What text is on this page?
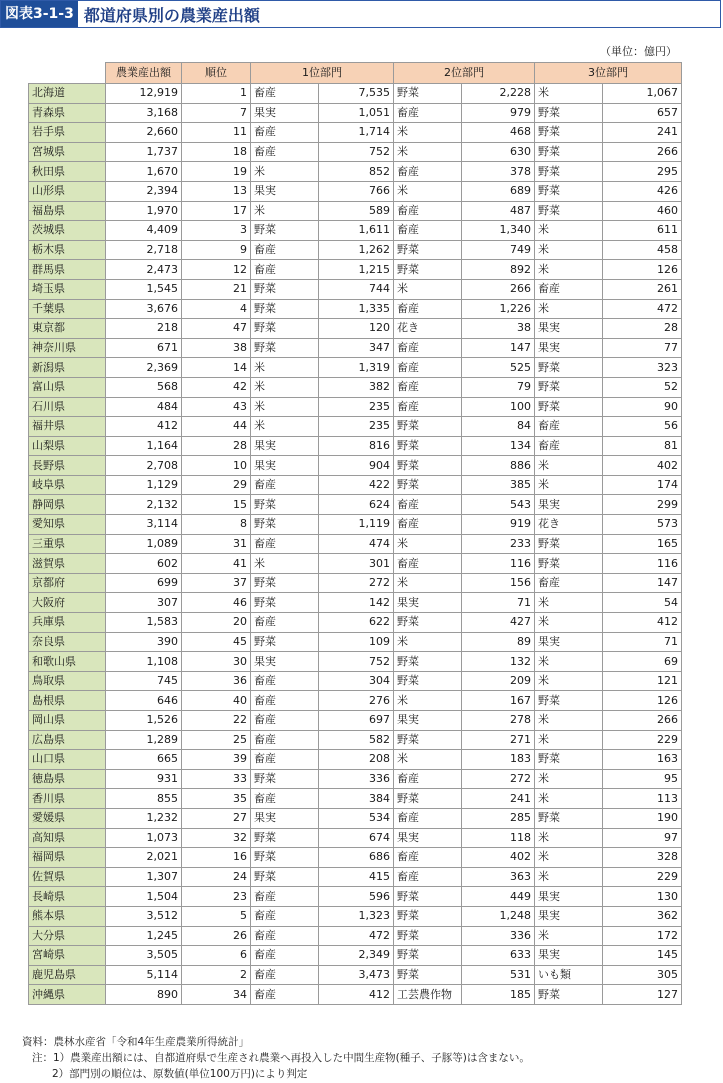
図表3-1-3 都道府県別の農業産出額
（単位：億円）
	農業産出額	順位	1位部門		2位部門		3位部門	
北海道	12,919	1	畜産	7,535	野菜	2,228	米	1,067
青森県	3,168	7	果実	1,051	畜産	979	野菜	657
岩手県	2,660	11	畜産	1,714	米	468	野菜	241
宮城県	1,737	18	畜産	752	米	630	野菜	266
秋田県	1,670	19	米	852	畜産	378	野菜	295
山形県	2,394	13	果実	766	米	689	野菜	426
福島県	1,970	17	米	589	畜産	487	野菜	460
茨城県	4,409	3	野菜	1,611	畜産	1,340	米	611
栃木県	2,718	9	畜産	1,262	野菜	749	米	458
群馬県	2,473	12	畜産	1,215	野菜	892	米	126
埼玉県	1,545	21	野菜	744	米	266	畜産	261
千葉県	3,676	4	野菜	1,335	畜産	1,226	米	472
東京都	218	47	野菜	120	花き	38	果実	28
神奈川県	671	38	野菜	347	畜産	147	果実	77
新潟県	2,369	14	米	1,319	畜産	525	野菜	323
富山県	568	42	米	382	畜産	79	野菜	52
石川県	484	43	米	235	畜産	100	野菜	90
福井県	412	44	米	235	野菜	84	畜産	56
山梨県	1,164	28	果実	816	野菜	134	畜産	81
長野県	2,708	10	果実	904	野菜	886	米	402
岐阜県	1,129	29	畜産	422	野菜	385	米	174
静岡県	2,132	15	野菜	624	畜産	543	果実	299
愛知県	3,114	8	野菜	1,119	畜産	919	花き	573
三重県	1,089	31	畜産	474	米	233	野菜	165
滋賀県	602	41	米	301	畜産	116	野菜	116
京都府	699	37	野菜	272	米	156	畜産	147
大阪府	307	46	野菜	142	果実	71	米	54
兵庫県	1,583	20	畜産	622	野菜	427	米	412
奈良県	390	45	野菜	109	米	89	果実	71
和歌山県	1,108	30	果実	752	野菜	132	米	69
鳥取県	745	36	畜産	304	野菜	209	米	121
島根県	646	40	畜産	276	米	167	野菜	126
岡山県	1,526	22	畜産	697	果実	278	米	266
広島県	1,289	25	畜産	582	野菜	271	米	229
山口県	665	39	畜産	208	米	183	野菜	163
徳島県	931	33	野菜	336	畜産	272	米	95
香川県	855	35	畜産	384	野菜	241	米	113
愛媛県	1,232	27	果実	534	畜産	285	野菜	190
高知県	1,073	32	野菜	674	果実	118	米	97
福岡県	2,021	16	野菜	686	畜産	402	米	328
佐賀県	1,307	24	野菜	415	畜産	363	米	229
長崎県	1,504	23	畜産	596	野菜	449	果実	130
熊本県	3,512	5	畜産	1,323	野菜	1,248	果実	362
大分県	1,245	26	畜産	472	野菜	336	米	172
宮崎県	3,505	6	畜産	2,349	野菜	633	果実	145
鹿児島県	5,114	2	畜産	3,473	野菜	531	いも類	305
沖縄県	890	34	畜産	412	工芸農作物	185	野菜	127
資料：農林水産省「令和4年生産農業所得統計」
注：1）農業産出額には、自都道府県で生産され農業へ再投入した中間生産物(種子、子豚等)は含まない。
2）部門別の順位は、原数値(単位100万円)により判定
